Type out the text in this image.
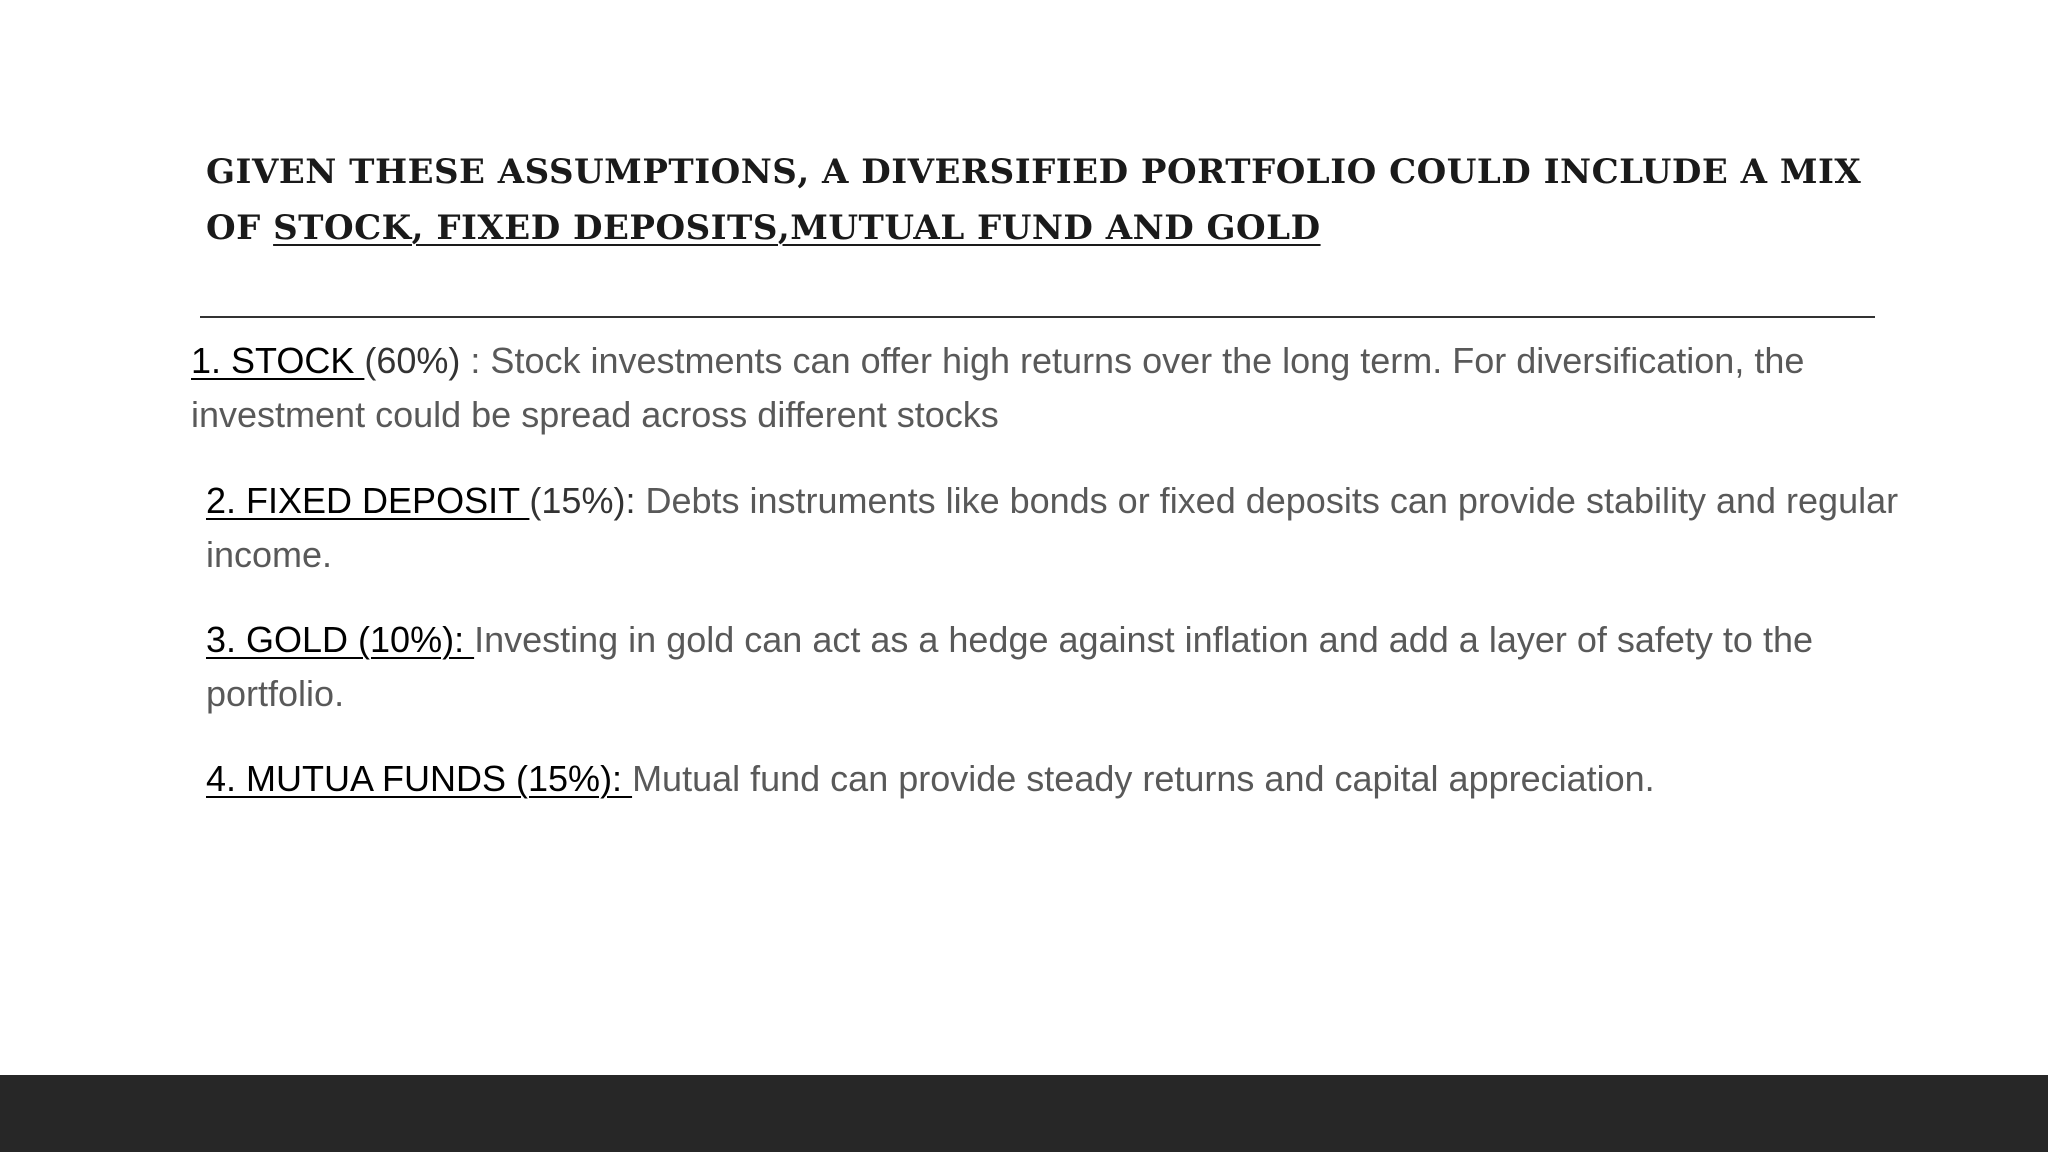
given these assumptions, a diversified portfolio could include a mix of stock, fixed deposits,mutual fund and gold

1. STOCK (60%) : Stock investments can offer high returns over the long term. For diversification, the investment could be spread across different stocks

2. FIXED DEPOSIT (15%): Debts instruments like bonds or fixed deposits can provide stability and regular income.

3. GOLD (10%): Investing in gold can act as a hedge against inflation and add a layer of safety to the portfolio.

4. MUTUA FUNDS (15%): Mutual fund can provide steady returns and capital appreciation.
